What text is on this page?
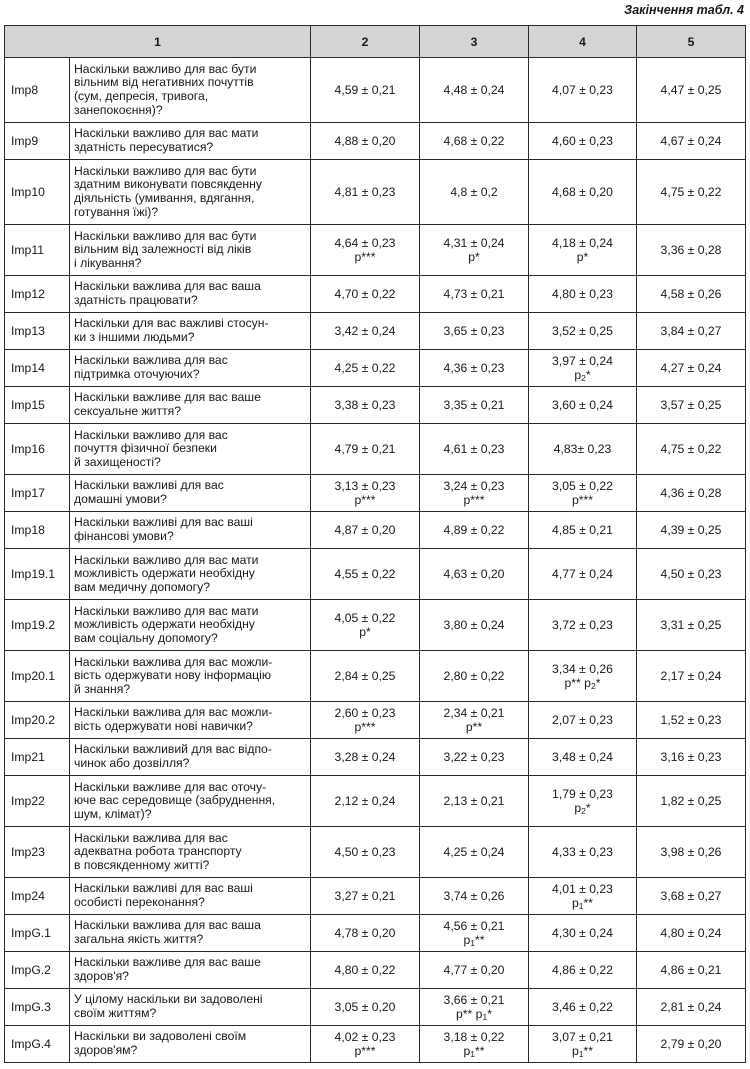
Закінчення табл. 4
1		2	3	4	5
Imp8	Наскільки важливо для вас бути
вільним від негативних почуттів
(сум, депресія, тривога,
занепокоєння)?	4,59 ± 0,21	4,48 ± 0,24	4,07 ± 0,23	4,47 ± 0,25

Imp9	Наскільки важливо для вас мати
здатність пересуватися?	4,88 ± 0,20	4,68 ± 0,22	4,60 ± 0,23	4,67 ± 0,24

Imp10	Наскільки важливо для вас бути
здатним виконувати повсякденну
діяльність (умивання, вдягання,
готування їжі)?	4,81 ± 0,23	4,8 ± 0,2	4,68 ± 0,20	4,75 ± 0,22

Imp11	Наскільки важливо для вас бути
вільним від залежності від ліків
і лікування?	4,64 ± 0,23
p***	4,31 ± 0,24
p*	4,18 ± 0,24
p*	3,36 ± 0,28

Imp12	Наскільки важлива для вас ваша
здатність працювати?	4,70 ± 0,22	4,73 ± 0,21	4,80 ± 0,23	4,58 ± 0,26

Imp13	Наскільки для вас важливі стосун-
ки з іншими людьми?	3,42 ± 0,24	3,65 ± 0,23	3,52 ± 0,25	3,84 ± 0,27

Imp14	Наскільки важлива для вас
підтримка оточуючих?	4,25 ± 0,22	4,36 ± 0,23	3,97 ± 0,24
p2*	4,27 ± 0,24

Imp15	Наскільки важливе для вас ваше
сексуальне життя?	3,38 ± 0,23	3,35 ± 0,21	3,60 ± 0,24	3,57 ± 0,25

Imp16	Наскільки важливо для вас
почуття фізичної безпеки
й захищеності?	4,79 ± 0,21	4,61 ± 0,23	4,83± 0,23	4,75 ± 0,22

Imp17	Наскільки важливі для вас
домашні умови?	3,13 ± 0,23
p***	3,24 ± 0,23
p***	3,05 ± 0,22
p***	4,36 ± 0,28

Imp18	Наскільки важливі для вас ваші
фінансові умови?	4,87 ± 0,20	4,89 ± 0,22	4,85 ± 0,21	4,39 ± 0,25

Imp19.1	Наскільки важливо для вас мати
можливість одержати необхідну
вам медичну допомогу?	4,55 ± 0,22	4,63 ± 0,20	4,77 ± 0,24	4,50 ± 0,23

Imp19.2	Наскільки важливо для вас мати
можливість одержати необхідну
вам соціальну допомогу?	4,05 ± 0,22
p*	3,80 ± 0,24	3,72 ± 0,23	3,31 ± 0,25

Imp20.1	Наскільки важлива для вас можли-
вість одержувати нову інформацію
й знання?	2,84 ± 0,25	2,80 ± 0,22	3,34 ± 0,26
p** p2*	2,17 ± 0,24

Imp20.2	Наскільки важлива для вас можли-
вість одержувати нові навички?	2,60 ± 0,23
p***	2,34 ± 0,21
p**	2,07 ± 0,23	1,52 ± 0,23

Imp21	Наскільки важливий для вас відпо-
чинок або дозвілля?	3,28 ± 0,24	3,22 ± 0,23	3,48 ± 0,24	3,16 ± 0,23

Imp22	Наскільки важливе для вас оточу-
юче вас середовище (забруднення,
шум, клімат)?	2,12 ± 0,24	2,13 ± 0,21	1,79 ± 0,23
p2*	1,82 ± 0,25

Imp23	Наскільки важлива для вас
адекватна робота транспорту
в повсякденному житті?	4,50 ± 0,23	4,25 ± 0,24	4,33 ± 0,23	3,98 ± 0,26

Imp24	Наскільки важливі для вас ваші
особисті переконання?	3,27 ± 0,21	3,74 ± 0,26	4,01 ± 0,23
p1**	3,68 ± 0,27

ImpG.1	Наскільки важлива для вас ваша
загальна якість життя?	4,78 ± 0,20	4,56 ± 0,21
p1**	4,30 ± 0,24	4,80 ± 0,24

ImpG.2	Наскільки важливе для вас ваше
здоров'я?	4,80 ± 0,22	4,77 ± 0,20	4,86 ± 0,22	4,86 ± 0,21

ImpG.3	У цілому наскільки ви задоволені
своїм життям?	3,05 ± 0,20	3,66 ± 0,21
p** p1*	3,46 ± 0,22	2,81 ± 0,24

ImpG.4	Наскільки ви задоволені своїм
здоров'ям?	4,02 ± 0,23
p***	3,18 ± 0,22
p1**	3,07 ± 0,21
p1**	2,79 ± 0,20
